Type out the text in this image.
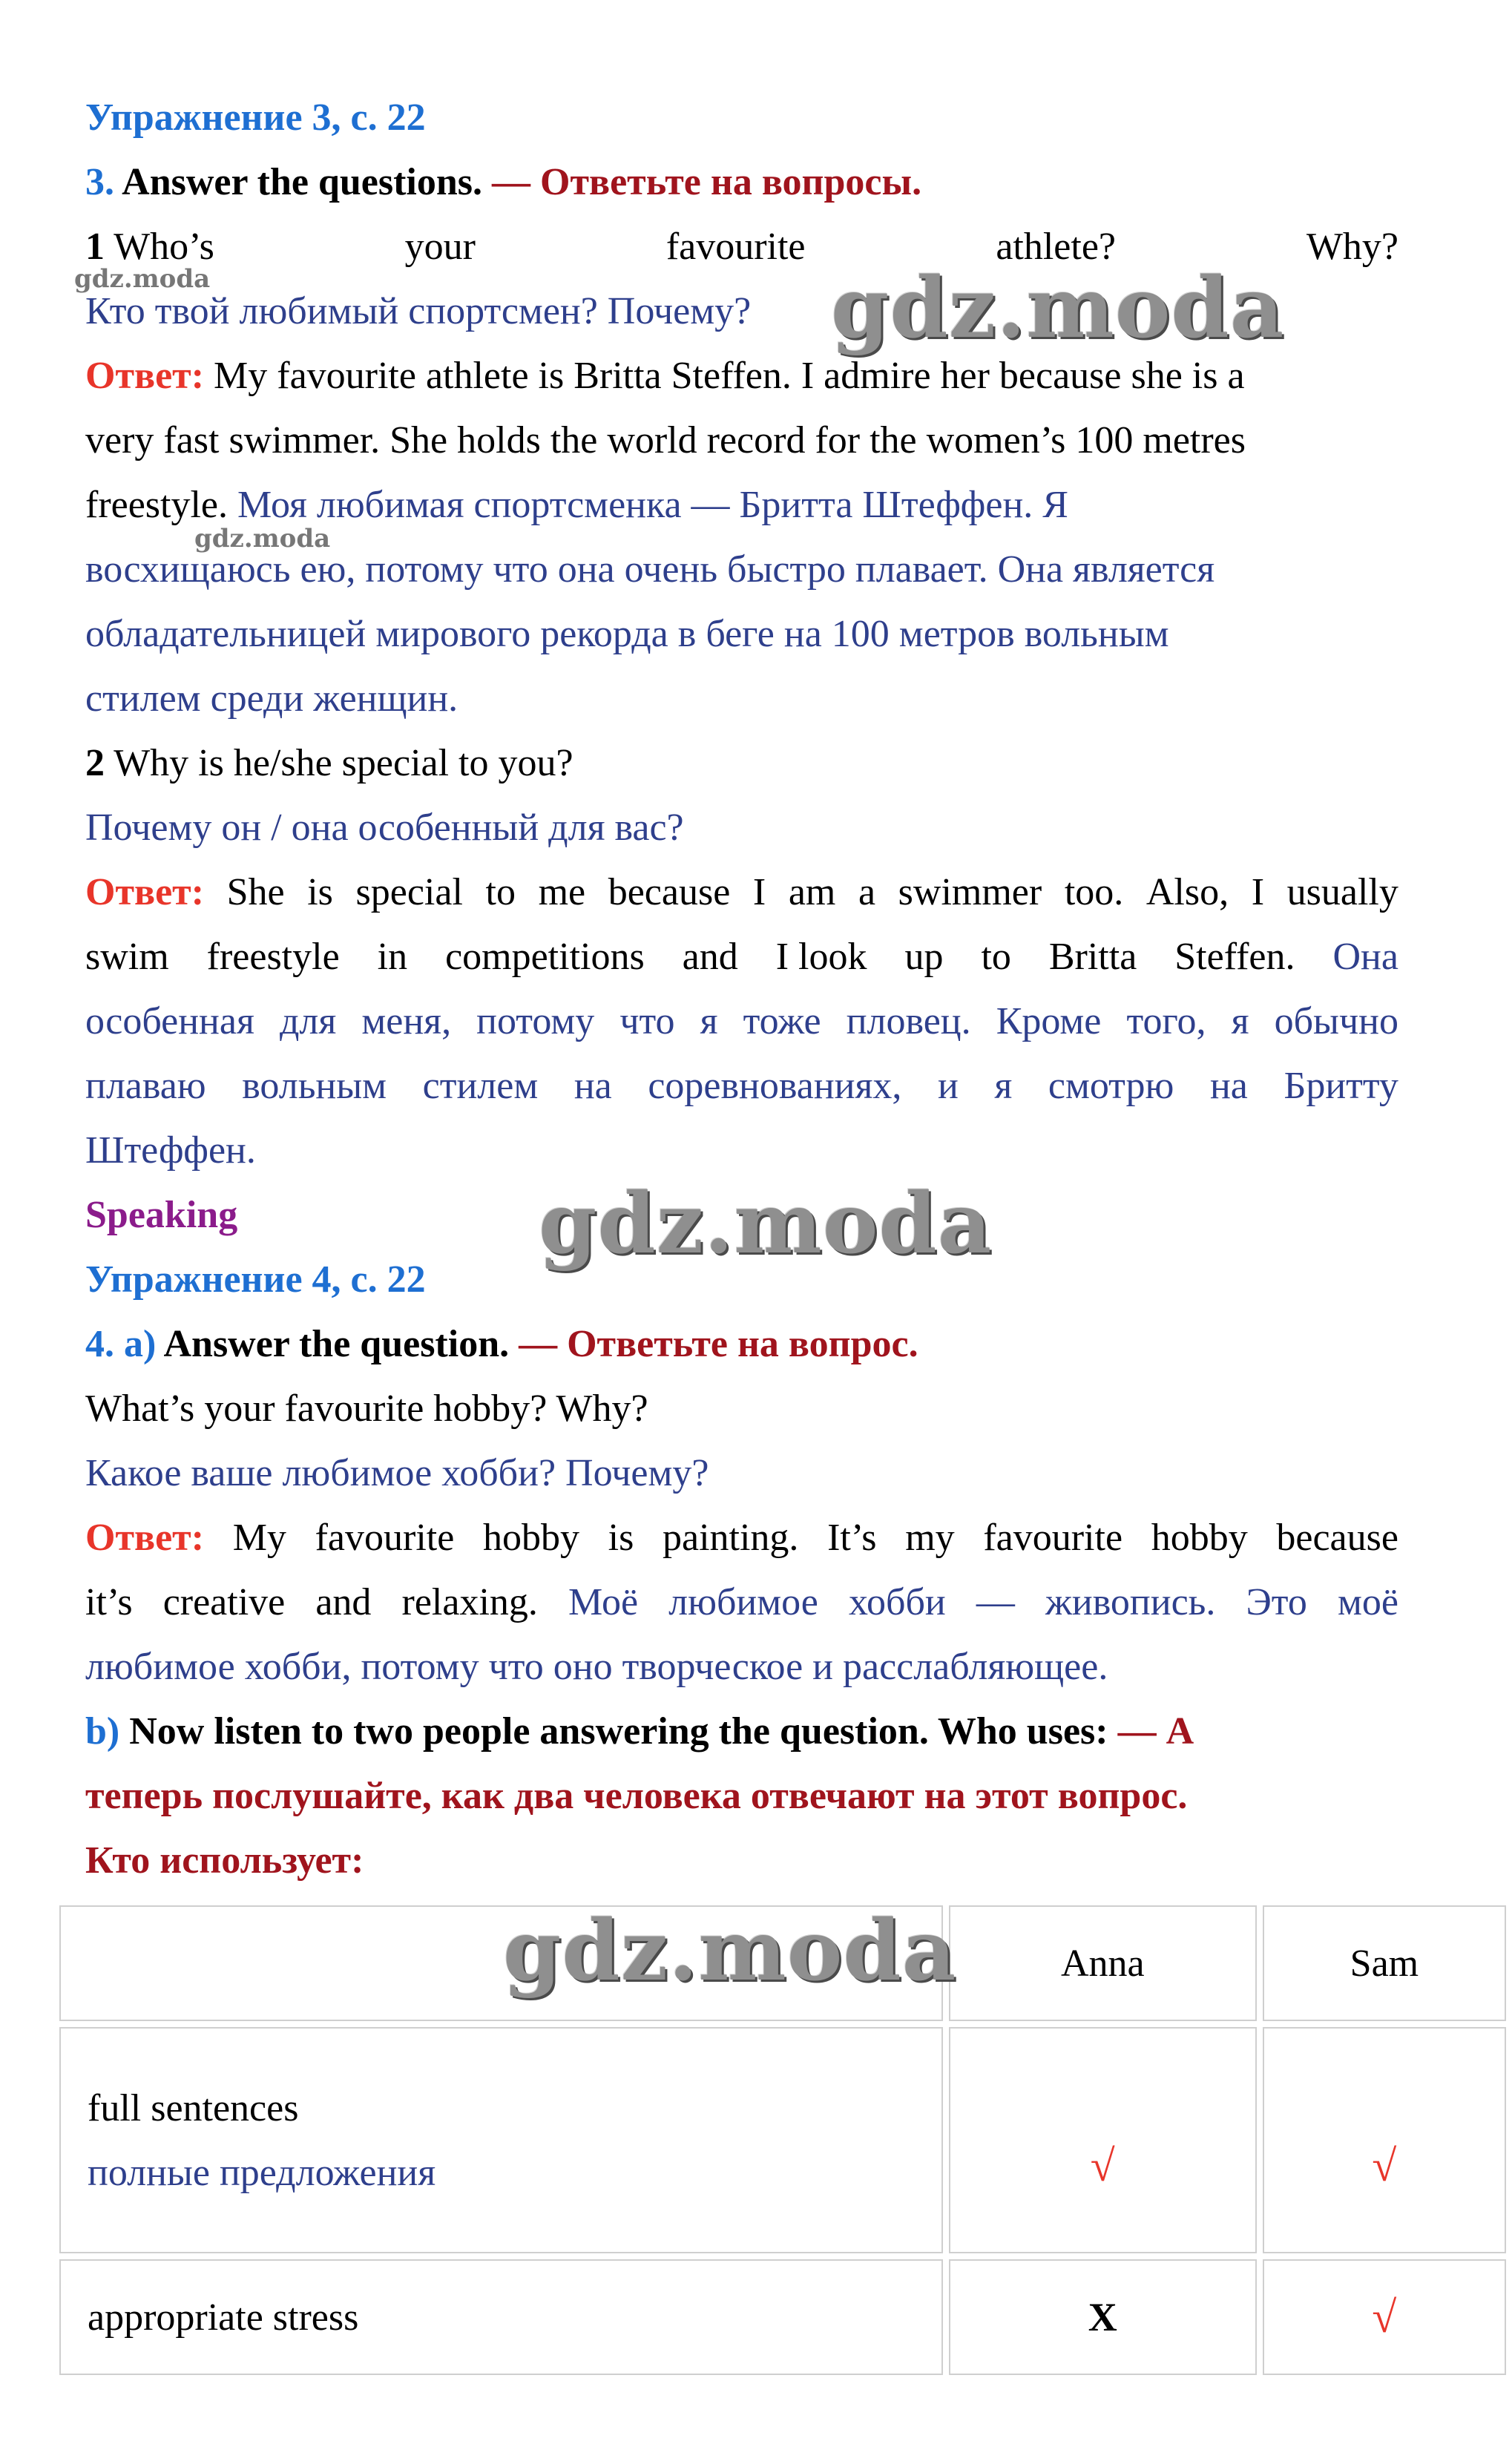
Упражнение 3, с. 22
3. Answer the questions. — Ответьте на вопросы.
1 Who’s	your	favourite	athlete?	Why?
Кто твой любимый спортсмен? Почему?
Ответ: My favourite athlete is Britta Steffen. I admire her because she is a
very fast swimmer. She holds the world record for the women’s 100 metres
freestyle. Моя любимая спортсменка — Бритта Штеффен. Я
восхищаюсь ею, потому что она очень быстро плавает. Она является
обладательницей мирового рекорда в беге на 100 метров вольным
стилем среди женщин.
2 Why is he/she special to you?
Почему он / она особенный для вас?
Ответ: She is special to me because I am a swimmer too. Also, I usually
swim freestyle in competitions and I look up to Britta Steffen. Она
особенная для меня, потому что я тоже пловец. Кроме того, я обычно
плаваю вольным стилем на соревнованиях, и я смотрю на Бритту
Штеффен.
Speaking
Упражнение 4, с. 22
4. a) Answer the question. — Ответьте на вопрос.
What’s your favourite hobby? Why?
Какое ваше любимое хобби? Почему?
Ответ: My favourite hobby is painting. It’s my favourite hobby because
it’s creative and relaxing. Моё любимое хобби — живопись. Это моё
любимое хобби, потому что оно творческое и расслабляющее.
b) Now listen to two people answering the question. Who uses: — А
теперь послушайте, как два человека отвечают на этот вопрос.
Кто использует:
	Anna	Sam

full sentences
полные предложения	√	√
appropriate stress	X	√
gdz.moda	gdz.moda
gdz.moda
gdz.moda
gdz.moda
